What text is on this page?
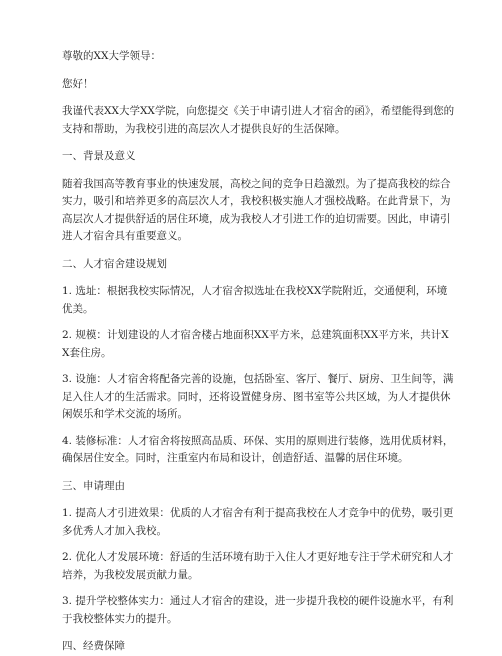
尊敬的XX大学领导：

您好！

我谨代表XX大学XX学院，向您提交《关于申请引进人才宿舍的函》，希望能得到您的支持和帮助，为我校引进的高层次人才提供良好的生活保障。

一、背景及意义

随着我国高等教育事业的快速发展，高校之间的竞争日趋激烈。为了提高我校的综合实力，吸引和培养更多的高层次人才，我校积极实施人才强校战略。在此背景下，为高层次人才提供舒适的居住环境，成为我校人才引进工作的迫切需要。因此，申请引进人才宿舍具有重要意义。

二、人才宿舍建设规划

1. 选址：根据我校实际情况，人才宿舍拟选址在我校XX学院附近，交通便利，环境优美。

2. 规模：计划建设的人才宿舍楼占地面积XX平方米，总建筑面积XX平方米，共计XX套住房。

3. 设施：人才宿舍将配备完善的设施，包括卧室、客厅、餐厅、厨房、卫生间等，满足入住人才的生活需求。同时，还将设置健身房、图书室等公共区域，为人才提供休闲娱乐和学术交流的场所。

4. 装修标准：人才宿舍将按照高品质、环保、实用的原则进行装修，选用优质材料，确保居住安全。同时，注重室内布局和设计，创造舒适、温馨的居住环境。

三、申请理由

1. 提高人才引进效果：优质的人才宿舍有利于提高我校在人才竞争中的优势，吸引更多优秀人才加入我校。

2. 优化人才发展环境：舒适的生活环境有助于入住人才更好地专注于学术研究和人才培养，为我校发展贡献力量。

3. 提升学校整体实力：通过人才宿舍的建设，进一步提升我校的硬件设施水平，有利于我校整体实力的提升。

四、经费保障
